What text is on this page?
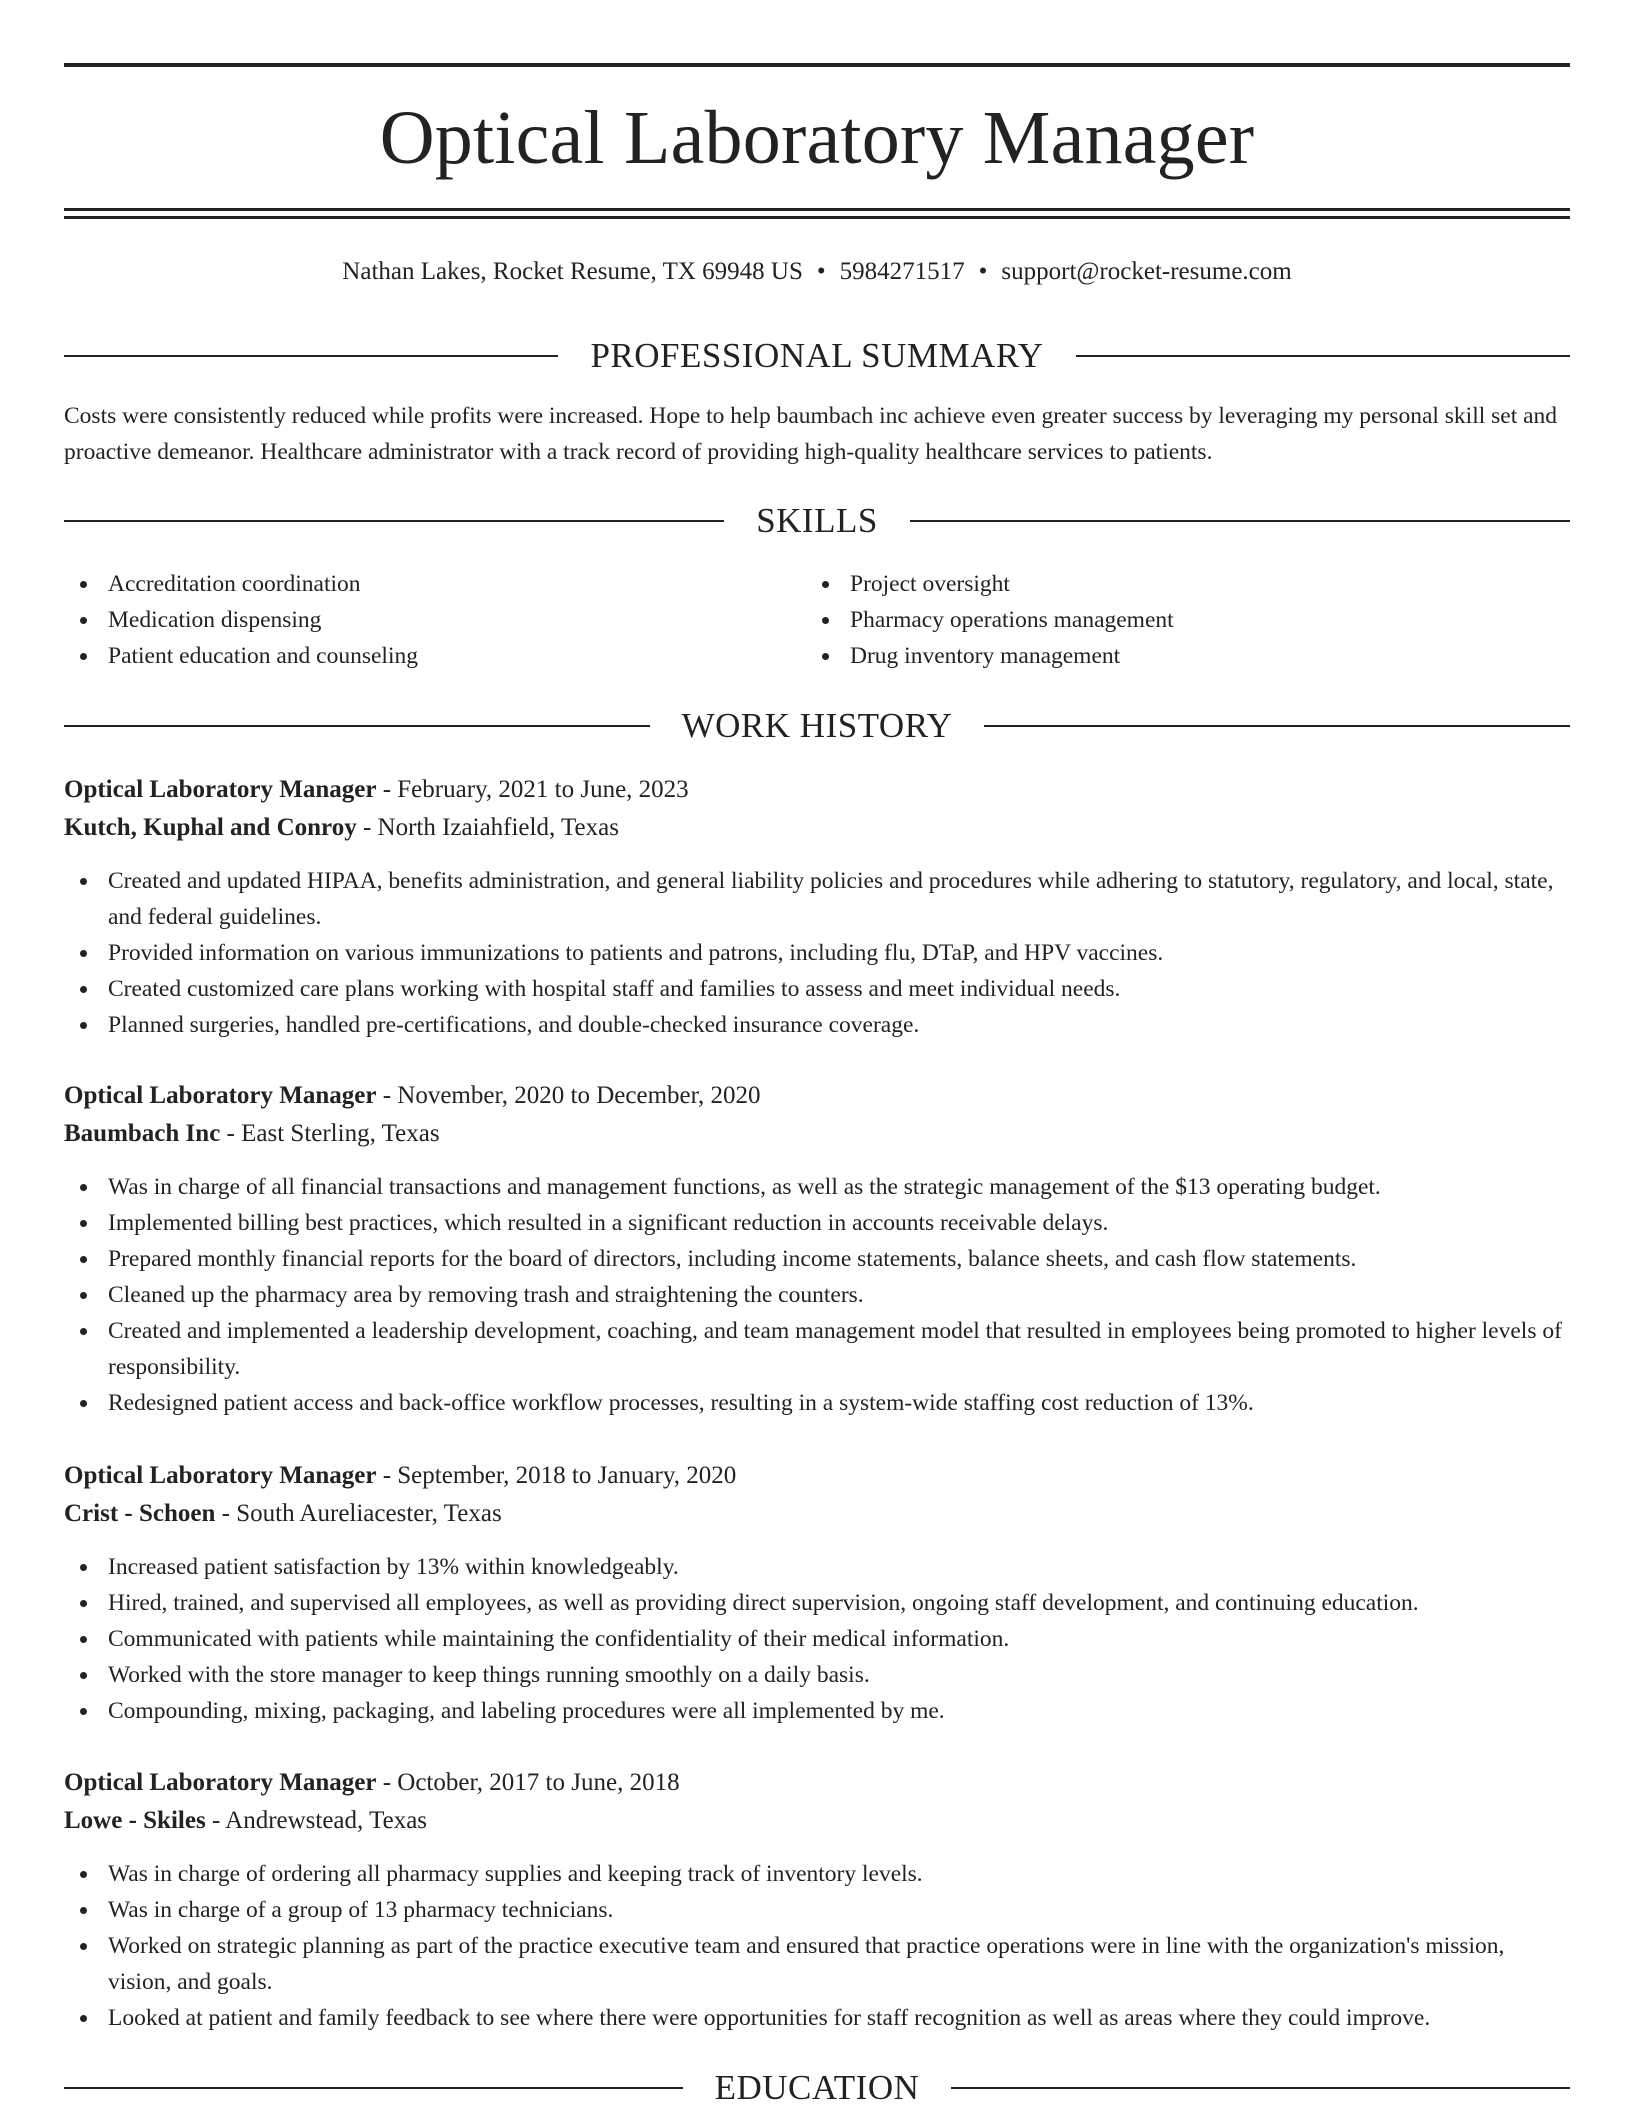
Optical Laboratory Manager
Nathan Lakes, Rocket Resume, TX 69948 US • 5984271517 • support@rocket-resume.com
PROFESSIONAL SUMMARY

Costs were consistently reduced while profits were increased. Hope to help baumbach inc achieve even greater success by leveraging my personal skill set and proactive demeanor. Healthcare administrator with a track record of providing high-quality healthcare services to patients.

SKILLS
Accreditation coordination
Medication dispensing
Patient education and counseling
Project oversight
Pharmacy operations management
Drug inventory management
WORK HISTORY
Optical Laboratory Manager - February, 2021 to June, 2023
Kutch, Kuphal and Conroy - North Izaiahfield, Texas
Created and updated HIPAA, benefits administration, and general liability policies and procedures while adhering to statutory, regulatory, and local, state, and federal guidelines.
Provided information on various immunizations to patients and patrons, including flu, DTaP, and HPV vaccines.
Created customized care plans working with hospital staff and families to assess and meet individual needs.
Planned surgeries, handled pre-certifications, and double-checked insurance coverage.
Optical Laboratory Manager - November, 2020 to December, 2020
Baumbach Inc - East Sterling, Texas
Was in charge of all financial transactions and management functions, as well as the strategic management of the $13 operating budget.
Implemented billing best practices, which resulted in a significant reduction in accounts receivable delays.
Prepared monthly financial reports for the board of directors, including income statements, balance sheets, and cash flow statements.
Cleaned up the pharmacy area by removing trash and straightening the counters.
Created and implemented a leadership development, coaching, and team management model that resulted in employees being promoted to higher levels of responsibility.
Redesigned patient access and back-office workflow processes, resulting in a system-wide staffing cost reduction of 13%.
Optical Laboratory Manager - September, 2018 to January, 2020
Crist - Schoen - South Aureliacester, Texas
Increased patient satisfaction by 13% within knowledgeably.
Hired, trained, and supervised all employees, as well as providing direct supervision, ongoing staff development, and continuing education.
Communicated with patients while maintaining the confidentiality of their medical information.
Worked with the store manager to keep things running smoothly on a daily basis.
Compounding, mixing, packaging, and labeling procedures were all implemented by me.
Optical Laboratory Manager - October, 2017 to June, 2018
Lowe - Skiles - Andrewstead, Texas
Was in charge of ordering all pharmacy supplies and keeping track of inventory levels.
Was in charge of a group of 13 pharmacy technicians.
Worked on strategic planning as part of the practice executive team and ensured that practice operations were in line with the organization's mission, vision, and goals.
Looked at patient and family feedback to see where there were opportunities for staff recognition as well as areas where they could improve.
EDUCATION
